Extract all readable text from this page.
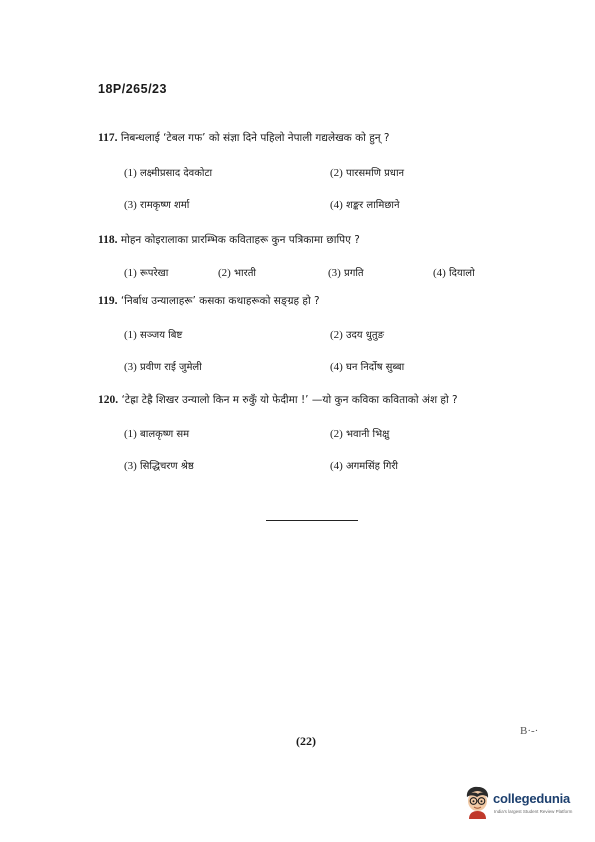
18P/265/23
117. निबन्धलाई ‘टेबल गफ’ को संज्ञा दिने पहिलो नेपाली गद्यलेखक को हुन् ?
(1) लक्ष्मीप्रसाद देवकोटा	(2) पारसमणि प्रधान
(3) रामकृष्ण शर्मा	(4) शङ्कर लामिछाने
118. मोहन कोइरालाका प्रारम्भिक कविताहरू कुन पत्रिकामा छापिए ?
(1) रूपरेखा	(2) भारती	(3) प्रगति	(4) दियालो
119. ‘निर्बाध उन्यालाहरू’ कसका कथाहरूको सङ्ग्रह हो ?
(1) सञ्जय बिष्ट	(2) उदय धुतुङ
(3) प्रवीण राई जुमेली	(4) घन निर्दोष सुब्बा
120. ‘टेह्रा टेह्रै शिखर उन्यालो किन म रुकुँ यो फेदीमा !’ —यो कुन कविका कविताको अंश हो ?
(1) बालकृष्ण सम	(2) भवानी भिक्षु
(3) सिद्धिचरण श्रेष्ठ	(4) अगमसिंह गिरी
(22)
B·-·
collegedunia
India's largest Student Review Platform
